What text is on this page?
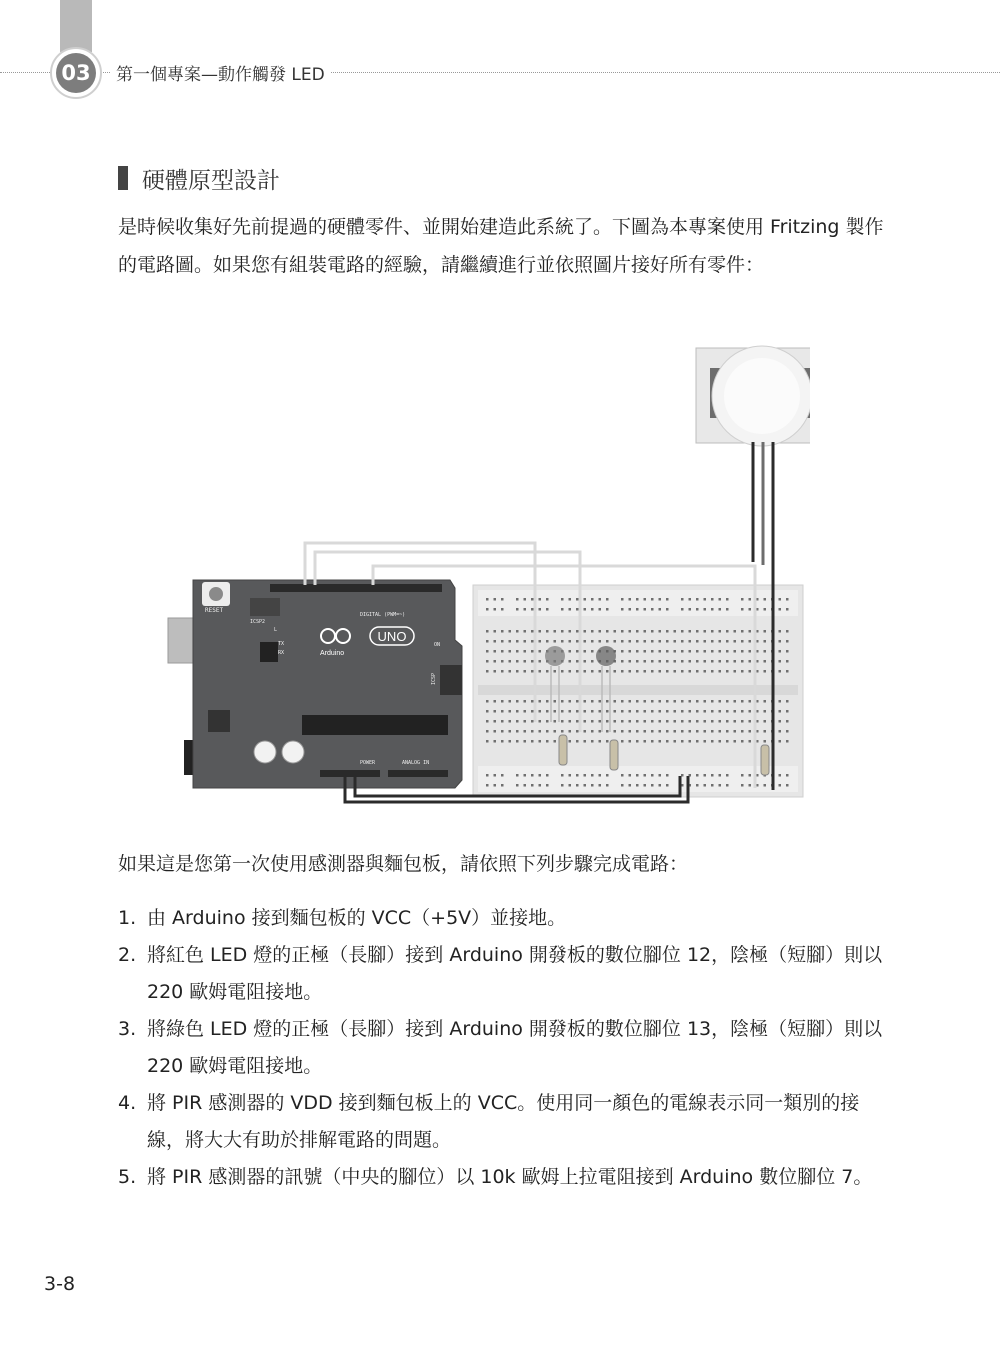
03	第一個專案—動作觸發 LED
硬體原型設計

是時候收集好先前提過的硬體零件、並開始建造此系統了。下圖為本專案使用 Fritzing 製作的電路圖。如果您有組裝電路的經驗，請繼續進行並依照圖片接好所有零件：

RESET
ICSP2
DIGITAL (PWM=~)
L
TX
RX
ON
UNO
Arduino
ICSP
POWER	ANALOG IN

如果這是您第一次使用感測器與麵包板，請依照下列步驟完成電路：

1. 由 Arduino 接到麵包板的 VCC（+5V）並接地。
2. 將紅色 LED 燈的正極（長腳）接到 Arduino 開發板的數位腳位 12，陰極（短腳）則以 220 歐姆電阻接地。
3. 將綠色 LED 燈的正極（長腳）接到 Arduino 開發板的數位腳位 13，陰極（短腳）則以 220 歐姆電阻接地。
4. 將 PIR 感測器的 VDD 接到麵包板上的 VCC。使用同一顏色的電線表示同一類別的接線，將大大有助於排解電路的問題。
5. 將 PIR 感測器的訊號（中央的腳位）以 10k 歐姆上拉電阻接到 Arduino 數位腳位 7。
3-8
